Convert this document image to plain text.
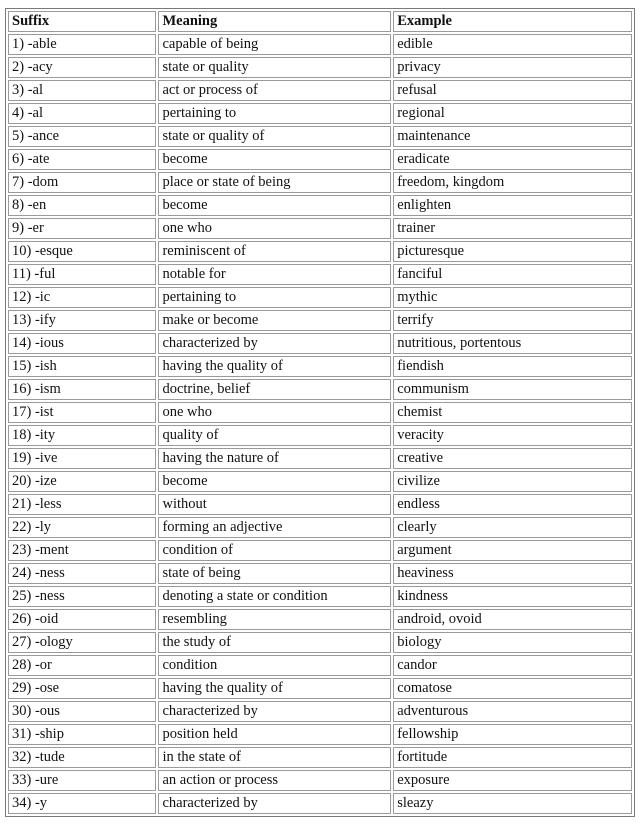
Suffix	Meaning	Example
1) -able	capable of being	edible
2) -acy	state or quality	privacy
3) -al	act or process of	refusal
4) -al	pertaining to	regional
5) -ance	state or quality of	maintenance
6) -ate	become	eradicate
7) -dom	place or state of being	freedom, kingdom
8) -en	become	enlighten
9) -er	one who	trainer
10) -esque	reminiscent of	picturesque
11) -ful	notable for	fanciful
12) -ic	pertaining to	mythic
13) -ify	make or become	terrify
14) -ious	characterized by	nutritious, portentous
15) -ish	having the quality of	fiendish
16) -ism	doctrine, belief	communism
17) -ist	one who	chemist
18) -ity	quality of	veracity
19) -ive	having the nature of	creative
20) -ize	become	civilize
21) -less	without	endless
22) -ly	forming an adjective	clearly
23) -ment	condition of	argument
24) -ness	state of being	heaviness
25) -ness	denoting a state or condition	kindness
26) -oid	resembling	android, ovoid
27) -ology	the study of	biology
28) -or	condition	candor
29) -ose	having the quality of	comatose
30) -ous	characterized by	adventurous
31) -ship	position held	fellowship
32) -tude	in the state of	fortitude
33) -ure	an action or process	exposure
34) -y	characterized by	sleazy
